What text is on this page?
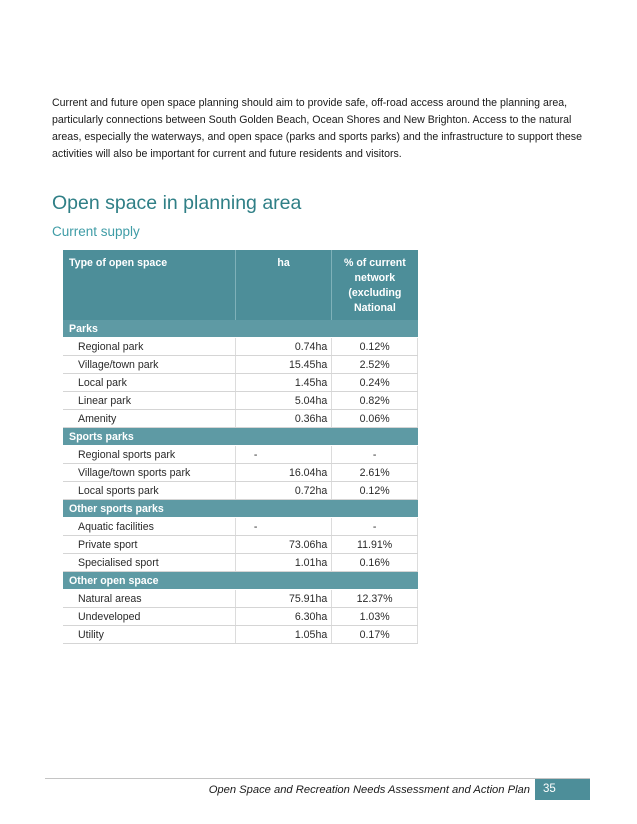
Current and future open space planning should aim to provide safe, off-road access around the planning area, particularly connections between South Golden Beach, Ocean Shores and New Brighton. Access to the natural areas, especially the waterways, and open space (parks and sports parks) and the infrastructure to support these activities will also be important for current and future residents and visitors.

Open space in planning area
Current supply
Type of open space	ha	% of current network (excluding National
Parks		
Regional park	0.74ha	0.12%
Village/town park	15.45ha	2.52%
Local park	1.45ha	0.24%
Linear park	5.04ha	0.82%
Amenity	0.36ha	0.06%
Sports parks		
Regional sports park	-	-
Village/town sports park	16.04ha	2.61%
Local sports park	0.72ha	0.12%
Other sports parks		
Aquatic facilities	-	-
Private sport	73.06ha	11.91%
Specialised sport	1.01ha	0.16%
Other open space		
Natural areas	75.91ha	12.37%
Undeveloped	6.30ha	1.03%
Utility	1.05ha	0.17%
Open Space and Recreation Needs Assessment and Action Plan	35
